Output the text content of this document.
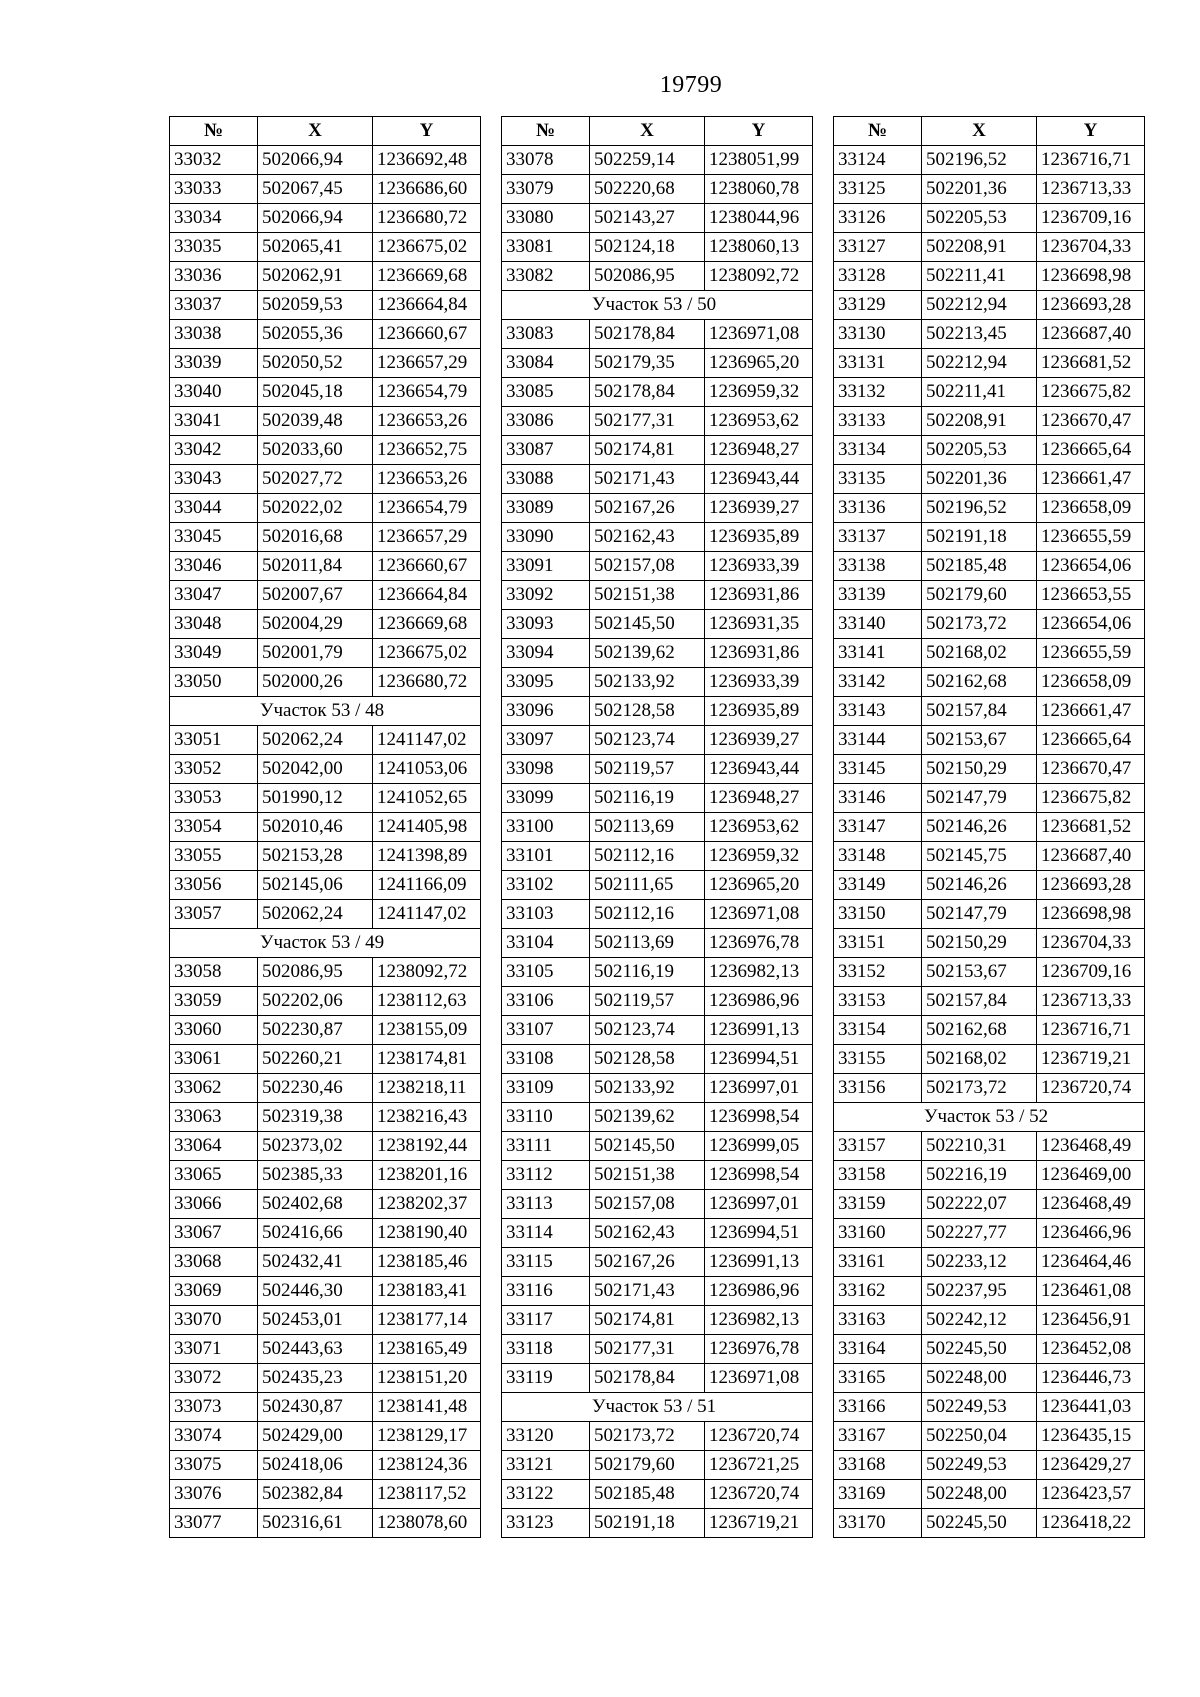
19799
№	X	Y
33032	502066,94	1236692,48
33033	502067,45	1236686,60
33034	502066,94	1236680,72
33035	502065,41	1236675,02
33036	502062,91	1236669,68
33037	502059,53	1236664,84
33038	502055,36	1236660,67
33039	502050,52	1236657,29
33040	502045,18	1236654,79
33041	502039,48	1236653,26
33042	502033,60	1236652,75
33043	502027,72	1236653,26
33044	502022,02	1236654,79
33045	502016,68	1236657,29
33046	502011,84	1236660,67
33047	502007,67	1236664,84
33048	502004,29	1236669,68
33049	502001,79	1236675,02
33050	502000,26	1236680,72
Участок 53 / 48		
33051	502062,24	1241147,02
33052	502042,00	1241053,06
33053	501990,12	1241052,65
33054	502010,46	1241405,98
33055	502153,28	1241398,89
33056	502145,06	1241166,09
33057	502062,24	1241147,02
Участок 53 / 49		
33058	502086,95	1238092,72
33059	502202,06	1238112,63
33060	502230,87	1238155,09
33061	502260,21	1238174,81
33062	502230,46	1238218,11
33063	502319,38	1238216,43
33064	502373,02	1238192,44
33065	502385,33	1238201,16
33066	502402,68	1238202,37
33067	502416,66	1238190,40
33068	502432,41	1238185,46
33069	502446,30	1238183,41
33070	502453,01	1238177,14
33071	502443,63	1238165,49
33072	502435,23	1238151,20
33073	502430,87	1238141,48
33074	502429,00	1238129,17
33075	502418,06	1238124,36
33076	502382,84	1238117,52
33077	502316,61	1238078,60
№	X	Y
33078	502259,14	1238051,99
33079	502220,68	1238060,78
33080	502143,27	1238044,96
33081	502124,18	1238060,13
33082	502086,95	1238092,72
Участок 53 / 50		
33083	502178,84	1236971,08
33084	502179,35	1236965,20
33085	502178,84	1236959,32
33086	502177,31	1236953,62
33087	502174,81	1236948,27
33088	502171,43	1236943,44
33089	502167,26	1236939,27
33090	502162,43	1236935,89
33091	502157,08	1236933,39
33092	502151,38	1236931,86
33093	502145,50	1236931,35
33094	502139,62	1236931,86
33095	502133,92	1236933,39
33096	502128,58	1236935,89
33097	502123,74	1236939,27
33098	502119,57	1236943,44
33099	502116,19	1236948,27
33100	502113,69	1236953,62
33101	502112,16	1236959,32
33102	502111,65	1236965,20
33103	502112,16	1236971,08
33104	502113,69	1236976,78
33105	502116,19	1236982,13
33106	502119,57	1236986,96
33107	502123,74	1236991,13
33108	502128,58	1236994,51
33109	502133,92	1236997,01
33110	502139,62	1236998,54
33111	502145,50	1236999,05
33112	502151,38	1236998,54
33113	502157,08	1236997,01
33114	502162,43	1236994,51
33115	502167,26	1236991,13
33116	502171,43	1236986,96
33117	502174,81	1236982,13
33118	502177,31	1236976,78
33119	502178,84	1236971,08
Участок 53 / 51		
33120	502173,72	1236720,74
33121	502179,60	1236721,25
33122	502185,48	1236720,74
33123	502191,18	1236719,21
№	X	Y
33124	502196,52	1236716,71
33125	502201,36	1236713,33
33126	502205,53	1236709,16
33127	502208,91	1236704,33
33128	502211,41	1236698,98
33129	502212,94	1236693,28
33130	502213,45	1236687,40
33131	502212,94	1236681,52
33132	502211,41	1236675,82
33133	502208,91	1236670,47
33134	502205,53	1236665,64
33135	502201,36	1236661,47
33136	502196,52	1236658,09
33137	502191,18	1236655,59
33138	502185,48	1236654,06
33139	502179,60	1236653,55
33140	502173,72	1236654,06
33141	502168,02	1236655,59
33142	502162,68	1236658,09
33143	502157,84	1236661,47
33144	502153,67	1236665,64
33145	502150,29	1236670,47
33146	502147,79	1236675,82
33147	502146,26	1236681,52
33148	502145,75	1236687,40
33149	502146,26	1236693,28
33150	502147,79	1236698,98
33151	502150,29	1236704,33
33152	502153,67	1236709,16
33153	502157,84	1236713,33
33154	502162,68	1236716,71
33155	502168,02	1236719,21
33156	502173,72	1236720,74
Участок 53 / 52		
33157	502210,31	1236468,49
33158	502216,19	1236469,00
33159	502222,07	1236468,49
33160	502227,77	1236466,96
33161	502233,12	1236464,46
33162	502237,95	1236461,08
33163	502242,12	1236456,91
33164	502245,50	1236452,08
33165	502248,00	1236446,73
33166	502249,53	1236441,03
33167	502250,04	1236435,15
33168	502249,53	1236429,27
33169	502248,00	1236423,57
33170	502245,50	1236418,22
